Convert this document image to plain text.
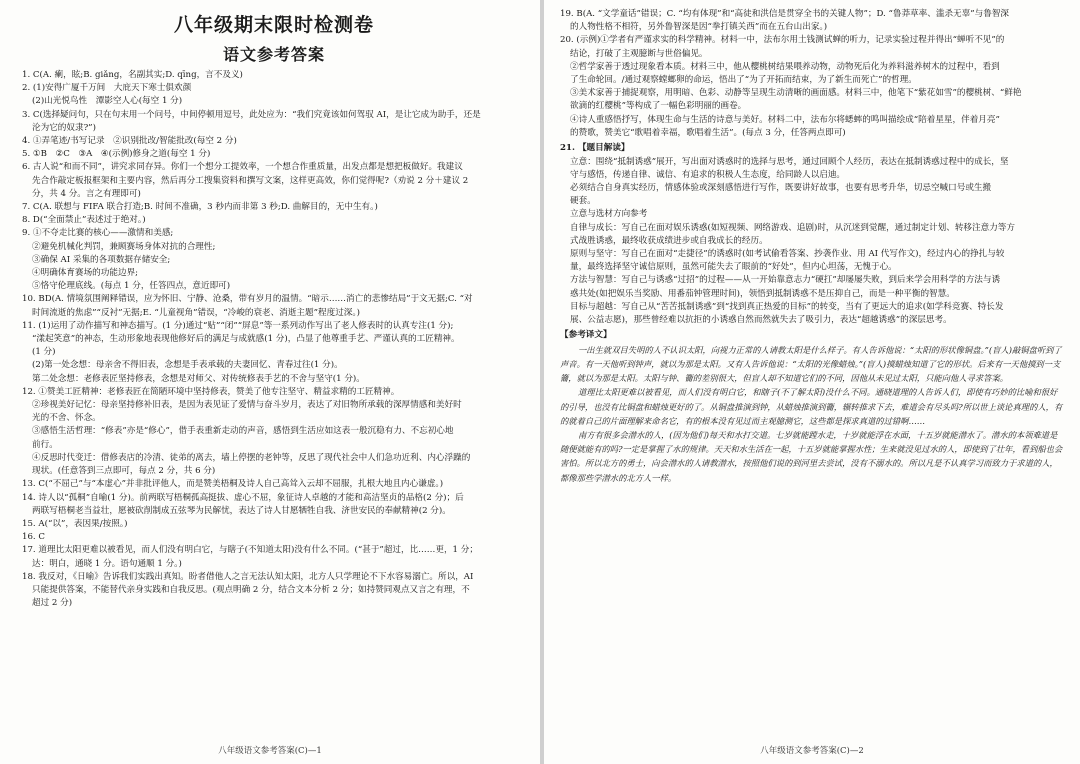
八年级期末限时检测卷
语文参考答案

1. C(A. 瘌，眩;B. giǎng，名副其实;D. qīng，言不及义)

2. (1)安得广厦千万间　大庇天下寒士俱欢颜

(2)山光悦鸟性　潭影空人心(每空 1 分)

3. C(选择疑问句，只在句末用一个问号，中间停顿用逗号，此处应为：“我们究竟该如何驾驭 AI，是让它成为助手，还是

沦为它的奴隶?”)

4. ①弄笔迹/书写记录　②识别批改/智能批改(每空 2 分)

5. ①B　②C　③A　④(示例)修身之道(每空 1 分)

6. 古人说“和而不同”，讲究求同存异。你们一个想分工提效率，一个想合作重质量，出发点都是想把板做好。我建议

先合作敲定板报框架和主要内容，然后再分工搜集资料和撰写文案，这样更高效，你们觉得呢?（劝说 2 分＋建议 2

分，共 4 分。言之有理即可)

7. C(A. 联想与 FIFA 联合打造;B. 时间不准确，3 秒内而非第 3 秒;D. 曲解目的，无中生有。)

8. D(“全面禁止”表述过于绝对。)

9. ①不夺走比赛的核心——激情和美感;

②避免机械化判罚，兼顾赛场身体对抗的合理性;

③确保 AI 采集的各项数据存储安全;

④明确体育赛场的功能边界;

⑤恪守伦理底线。(每点 1 分，任答四点，意近即可)

10. BD(A. 情境氛围阐释错误，应为怀旧、宁静、沧桑，带有岁月的温情。“暗示……消亡的悲惨结局”于文无据;C. “对

时间流逝的焦虑”“反衬”无据;E. “儿童视角”错误，“冷峻的衰老、消逝主题”程度过深。)

11. (1)运用了动作描写和神态描写。(1 分)通过“贴”“闭”“屏息”等一系列动作写出了老人修表时的认真专注(1 分);

“漾起笑意”的神态，生动形象地表现他修好后的满足与成就感(1 分)，凸显了他尊重手艺、严谨认真的工匠精神。

(1 分)

(2)第一处念想：母亲舍不得旧表，念想是手表承载的夫妻回忆、青春过往(1 分)。

第二处念想：老修表匠坚持修表，念想是对师父、对传统修表手艺的不舍与坚守(1 分)。

12. ①赞美工匠精神：老修表匠在简陋环境中坚持修表，赞美了他专注坚守、精益求精的工匠精神。

②珍视美好记忆：母亲坚持修补旧表，是因为表见证了爱情与奋斗岁月，表达了对旧物所承载的深厚情感和美好时

光的不舍、怀念。

③感悟生活哲理：“修表”亦是“修心”，借手表重新走动的声音，感悟到生活应如这表一般沉稳有力、不忘初心地

前行。

④反思时代变迁：借修表店的冷清、徒弟的离去，墙上停摆的老钟等，反思了现代社会中人们急功近利、内心浮躁的

现状。(任意答到三点即可，每点 2 分，共 6 分)

13. C(“不屈己”与“本虚心”并非批评他人，而是赞美梧桐及诗人自己高耸入云却不屈服，扎根大地且内心谦虚。)

14. 诗人以“孤桐”自喻(1 分)。前两联写梧桐孤高挺拔、虚心不屈，象征诗人卓越的才能和高洁坚贞的品格(2 分)；后

两联写梧桐老当益壮，愿被砍削制成五弦琴为民解忧，表达了诗人甘愿牺牲自我、济世安民的奉献精神(2 分)。

15. A(“以”，表因果/按照。)

16. C

17. 道理比太阳更难以被看见，而人们没有明白它，与瞎子(不知道太阳)没有什么不同。(“甚于”超过，比……更，1 分；

达：明白，通晓 1 分。语句通顺 1 分。)

18. 我反对，《日喻》告诉我们实践出真知。盼者借他人之言无法认知太阳，北方人只学理论不下水容易溺亡。所以，AI

只能提供答案，不能替代亲身实践和自我反思。(观点明确 2 分，结合文本分析 2 分；如持赞同观点又言之有理，不

超过 2 分)

八年级语文参考答案(C)—1

19. B(A. “文学童话”错误；C. “均有体现”和“高徒和洪信是贯穿全书的关键人物”；D. “鲁莽草率、滥杀无辜”与鲁智深

的人物性格不相符，另外鲁智深是因“拳打镇关西”而在五台山出家。)

20. (示例)①学者有严谨求实的科学精神。材料一中，法布尔用土钱测试蝉的听力，记录实验过程并得出“蝉听不见”的

结论，打破了主观臆断与世俗偏见。

②哲学家善于透过现象看本质。材料三中，他从樱桃树结果喂养动物，动物死后化为养料滋养树木的过程中，看到

了生命轮回。/通过观察螳螂卵的命运，悟出了“为了开拓而结束，为了新生而死亡”的哲理。

③美术家善于捕捉观察，用明暗、色彩、动静等呈现生动清晰的画面感。材料三中，他笔下“紫花如雪”的樱桃树、“鲜艳

欲滴的红樱桃”等构成了一幅色彩明丽的画卷。

④诗人重感悟抒写，体现生命与生活的诗意与美好。材料二中，法布尔将蟋蟀的鸣叫描绘成“陪着星星，伴着月亮”

的赞歌，赞美它“歌唱着幸福，歌唱着生活”。(每点 3 分，任答两点即可)

21. 【题目解读】

立意：围绕“抵制诱惑”展开，写出面对诱惑时的选择与思考，通过回顾个人经历，表达在抵制诱惑过程中的成长，坚

守与感悟，传递自律、诚信、有追求的积极人生态度，给同龄人以启迪。

必须结合自身真实经历，情感体验或深刻感悟进行写作，既要讲好故事，也要有思考升华，切忌空喊口号或生搬

硬套。

立意与选材方向参考

自律与成长：写自己在面对娱乐诱惑(如短视频、网络游戏、追剧)时，从沉迷到觉醒，通过制定计划、转移注意力等方

式战胜诱惑，最终收获成绩进步或自我成长的经历。

原则与坚守：写自己在面对“走捷径”的诱惑时(如考试偷看答案、抄袭作业、用 AI 代写作文)，经过内心的挣扎与较

量，最终选择坚守诚信原则，虽然可能失去了眼前的“好处”，但内心坦荡，无愧于心。

方法与智慧：写自己与诱惑“过招”的过程——从一开始靠意志力“硬扛”却屡屡失败，到后来学会用科学的方法与诱

惑共处(如把娱乐当奖励、用番茄钟管理时间)，领悟到抵制诱惑不是压抑自己，而是一种平衡的智慧。

目标与超越：写自己从“苦苦抵制诱惑”到“找到真正热爱的目标”的转变，当有了更远大的追求(如学科竞赛、特长发

展、公益志愿)，那些曾经难以抗拒的小诱惑自然而然就失去了吸引力，表达“超越诱惑”的深层思考。

【参考译文】

一出生就双目失明的人不认识太阳，向视力正常的人请教太阳是什么样子。有人告诉他说：“太阳的形状像铜盘。”(盲人)敲铜盘听到了声音。有一天他听到钟声，就以为那是太阳。又有人告诉他说：“太阳的光像蜡烛。”(盲人)摸蜡烛知道了它的形状。后来有一天他摸到一支籥，就以为那是太阳。太阳与钟、籥的差别很大，但盲人却不知道它们的不同，因他从未见过太阳，只能向他人寻求答案。

道理比太阳更难以被看见，而人们没有明白它，和瞎子(不了解太阳)没什么不同。通晓道理的人告诉人们，即使有巧妙的比喻和很好的引导，也没有比铜盘和蜡烛更好的了。从铜盘推演到钟，从蜡烛推演到籥，辗转推求下去，难道会有尽头吗?所以世上谈论真理的人，有的就着自己的片面理解来命名它，有的根本没有见过而主观臆测它，这些都是探求真道的过错啊……

南方有很多会潜水的人，(因为他们)每天和水打交道。七岁就能蹚水走，十岁就能浮在水面，十五岁就能潜水了。潜水的本领难道是随便就能有的吗?一定是掌握了水的规律。天天和水生活在一起，十五岁就能掌握水性；生来就没见过水的人，即使到了壮年，看到船也会害怕。所以北方的勇士，向会潜水的人请教潜水，按照他们说的到河里去尝试，没有不溺水的。所以凡是不认真学习而致力于求道的人，都像那些学潜水的北方人一样。

八年级语文参考答案(C)—2
